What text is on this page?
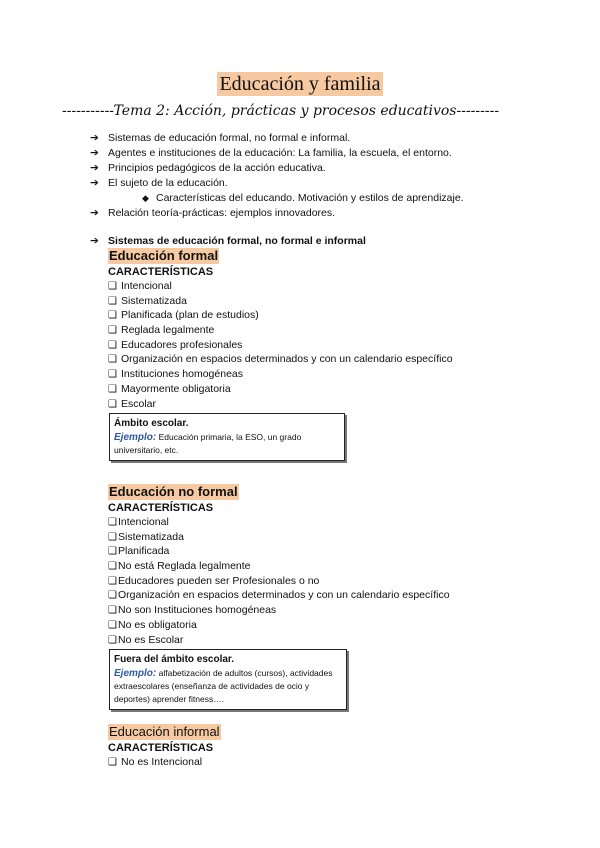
Educación y familia
-----------Tema 2: Acción, prácticas y procesos educativos---------
➔ Sistemas de educación formal, no formal e informal.
➔ Agentes e instituciones de la educación: La familia, la escuela, el entorno.
➔ Principios pedagógicos de la acción educativa.
➔ El sujeto de la educación.
◆ Características del educando. Motivación y estilos de aprendizaje.
➔ Relación teoría-prácticas: ejemplos innovadores.
➔ Sistemas de educación formal, no formal e informal
Educación formal
CARACTERÍSTICAS
❑ Intencional
❑ Sistematizada
❑ Planificada (plan de estudios)
❑ Reglada legalmente
❑ Educadores profesionales
❑ Organización en espacios determinados y con un calendario específico
❑ Instituciones homogéneas
❑ Mayormente obligatoria
❑ Escolar
Ámbito escolar.
Ejemplo: Educación primaria, la ESO, un grado universitario, etc.
Educación no formal
CARACTERÍSTICAS
❑Intencional
❑Sistematizada
❑Planificada
❑No está Reglada legalmente
❑Educadores pueden ser Profesionales o no
❑Organización en espacios determinados y con un calendario específico
❑No son Instituciones homogéneas
❑No es obligatoria
❑No es Escolar
Fuera del ámbito escolar.
Ejemplo: alfabetización de adultos (cursos), actividades extraescolares (enseñanza de actividades de ocio y deportes) aprender fitness….
Educación informal
CARACTERÍSTICAS
❑ No es Intencional
